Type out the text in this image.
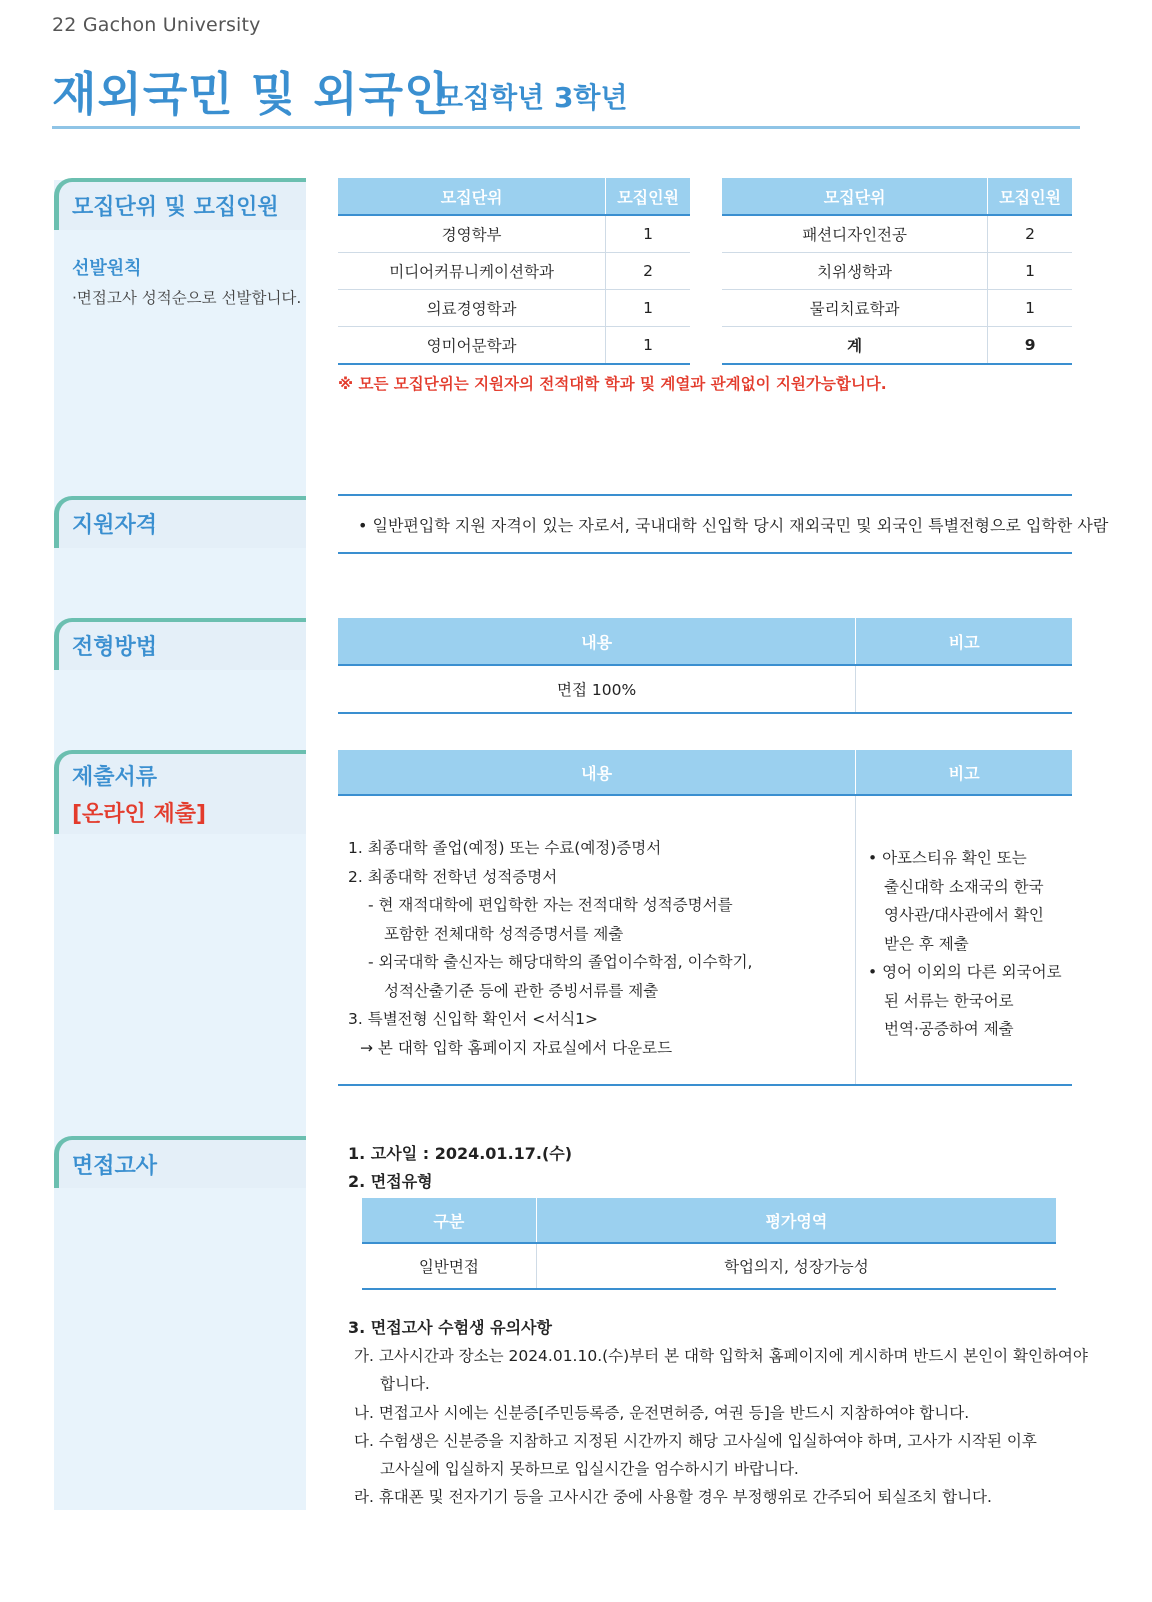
22 Gachon University
재외국민 및 외국인
모집학년 3학년
모집단위 및 모집인원
선발원칙
·면접고사 성적순으로 선발합니다.
지원자격
전형방법
제출서류
[온라인 제출]
면접고사
모집단위	모집인원
경영학부	1
미디어커뮤니케이션학과	2
의료경영학과	1
영미어문학과	1
모집단위	모집인원
패션디자인전공	2
치위생학과	1
물리치료학과	1
계	9
※ 모든 모집단위는 지원자의 전적대학 학과 및 계열과 관계없이 지원가능합니다.
• 일반편입학 지원 자격이 있는 자로서, 국내대학 신입학 당시 재외국민 및 외국인 특별전형으로 입학한 사람
내용	비고
면접 100%	
내용	비고

1. 최종대학 졸업(예정) 또는 수료(예정)증명서
2. 최종대학 전학년 성적증명서
- 현 재적대학에 편입학한 자는 전적대학 성적증명서를
포함한 전체대학 성적증명서를 제출
- 외국대학 출신자는 해당대학의 졸업이수학점, 이수학기,
성적산출기준 등에 관한 증빙서류를 제출
3. 특별전형 신입학 확인서 <서식1>
→ 본 대학 입학 홈페이지 자료실에서 다운로드
• 아포스티유 확인 또는
출신대학 소재국의 한국
영사관/대사관에서 확인
받은 후 제출
• 영어 이외의 다른 외국어로
된 서류는 한국어로
번역·공증하여 제출
1. 고사일 : 2024.01.17.(수)
2. 면접유형
구분	평가영역
일반면접	학업의지, 성장가능성
3. 면접고사 수험생 유의사항
가. 고사시간과 장소는 2024.01.10.(수)부터 본 대학 입학처 홈페이지에 게시하며 반드시 본인이 확인하여야
합니다.
나. 면접고사 시에는 신분증[주민등록증, 운전면허증, 여권 등]을 반드시 지참하여야 합니다.
다. 수험생은 신분증을 지참하고 지정된 시간까지 해당 고사실에 입실하여야 하며, 고사가 시작된 이후
고사실에 입실하지 못하므로 입실시간을 엄수하시기 바랍니다.
라. 휴대폰 및 전자기기 등을 고사시간 중에 사용할 경우 부정행위로 간주되어 퇴실조치 합니다.
